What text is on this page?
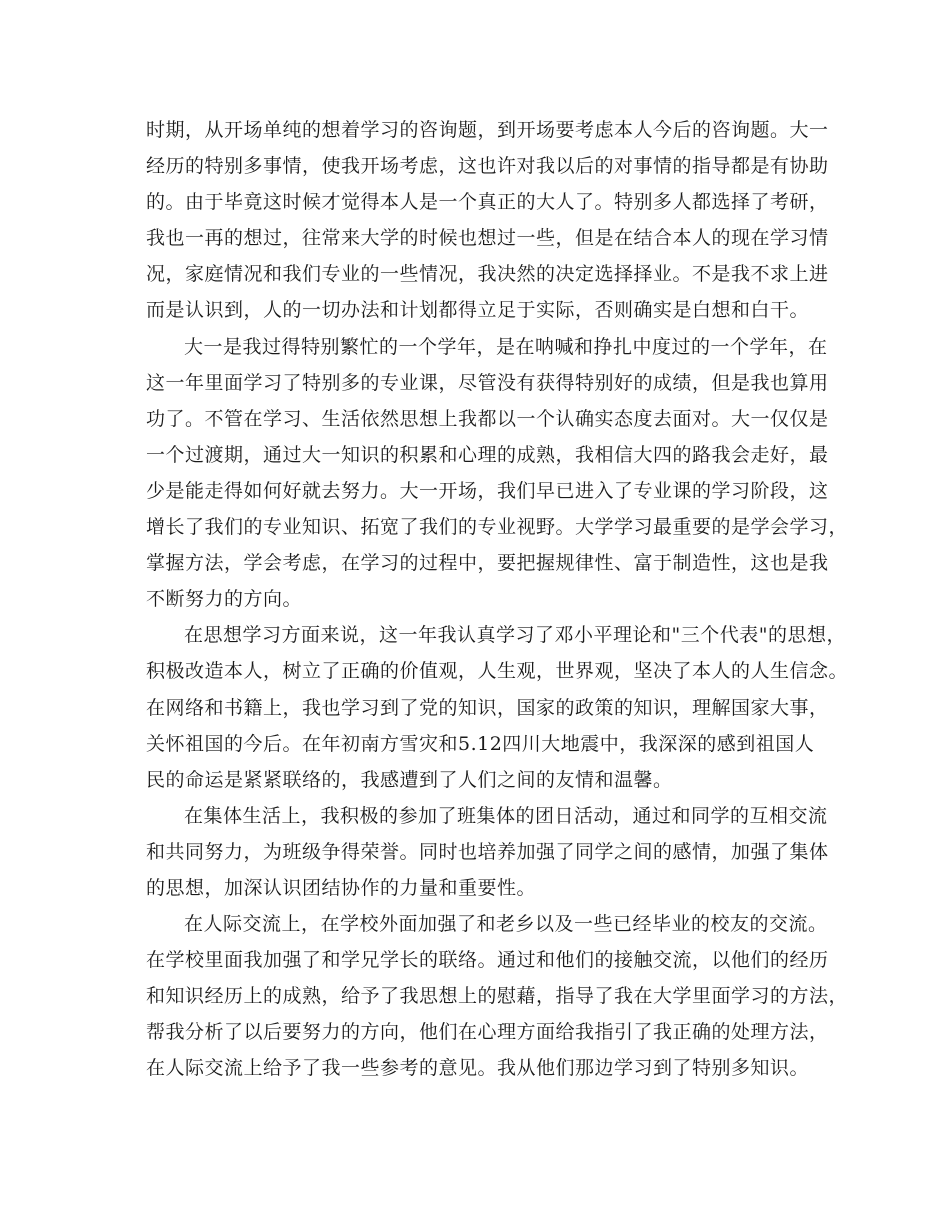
时期，从开场单纯的想着学习的咨询题，到开场要考虑本人今后的咨询题。大一
经历的特别多事情，使我开场考虑，这也许对我以后的对事情的指导都是有协助
的。由于毕竟这时候才觉得本人是一个真正的大人了。特别多人都选择了考研，
我也一再的想过，往常来大学的时候也想过一些，但是在结合本人的现在学习情
况，家庭情况和我们专业的一些情况，我决然的决定选择择业。不是我不求上进
而是认识到，人的一切办法和计划都得立足于实际，否则确实是白想和白干。
大一是我过得特别繁忙的一个学年，是在呐喊和挣扎中度过的一个学年，在
这一年里面学习了特别多的专业课，尽管没有获得特别好的成绩，但是我也算用
功了。不管在学习、生活依然思想上我都以一个认确实态度去面对。大一仅仅是
一个过渡期，通过大一知识的积累和心理的成熟，我相信大四的路我会走好，最
少是能走得如何好就去努力。大一开场，我们早已进入了专业课的学习阶段，这
增长了我们的专业知识、拓宽了我们的专业视野。大学学习最重要的是学会学习，
掌握方法，学会考虑，在学习的过程中，要把握规律性、富于制造性，这也是我
不断努力的方向。
在思想学习方面来说，这一年我认真学习了邓小平理论和"三个代表"的思想，
积极改造本人，树立了正确的价值观，人生观，世界观，坚决了本人的人生信念。
在网络和书籍上，我也学习到了党的知识，国家的政策的知识，理解国家大事，
关怀祖国的今后。在年初南方雪灾和5.12四川大地震中，我深深的感到祖国人
民的命运是紧紧联络的，我感遭到了人们之间的友情和温馨。
在集体生活上，我积极的参加了班集体的团日活动，通过和同学的互相交流
和共同努力，为班级争得荣誉。同时也培养加强了同学之间的感情，加强了集体
的思想，加深认识团结协作的力量和重要性。
在人际交流上，在学校外面加强了和老乡以及一些已经毕业的校友的交流。
在学校里面我加强了和学兄学长的联络。通过和他们的接触交流，以他们的经历
和知识经历上的成熟，给予了我思想上的慰藉，指导了我在大学里面学习的方法，
帮我分析了以后要努力的方向，他们在心理方面给我指引了我正确的处理方法，
在人际交流上给予了我一些参考的意见。我从他们那边学习到了特别多知识。
